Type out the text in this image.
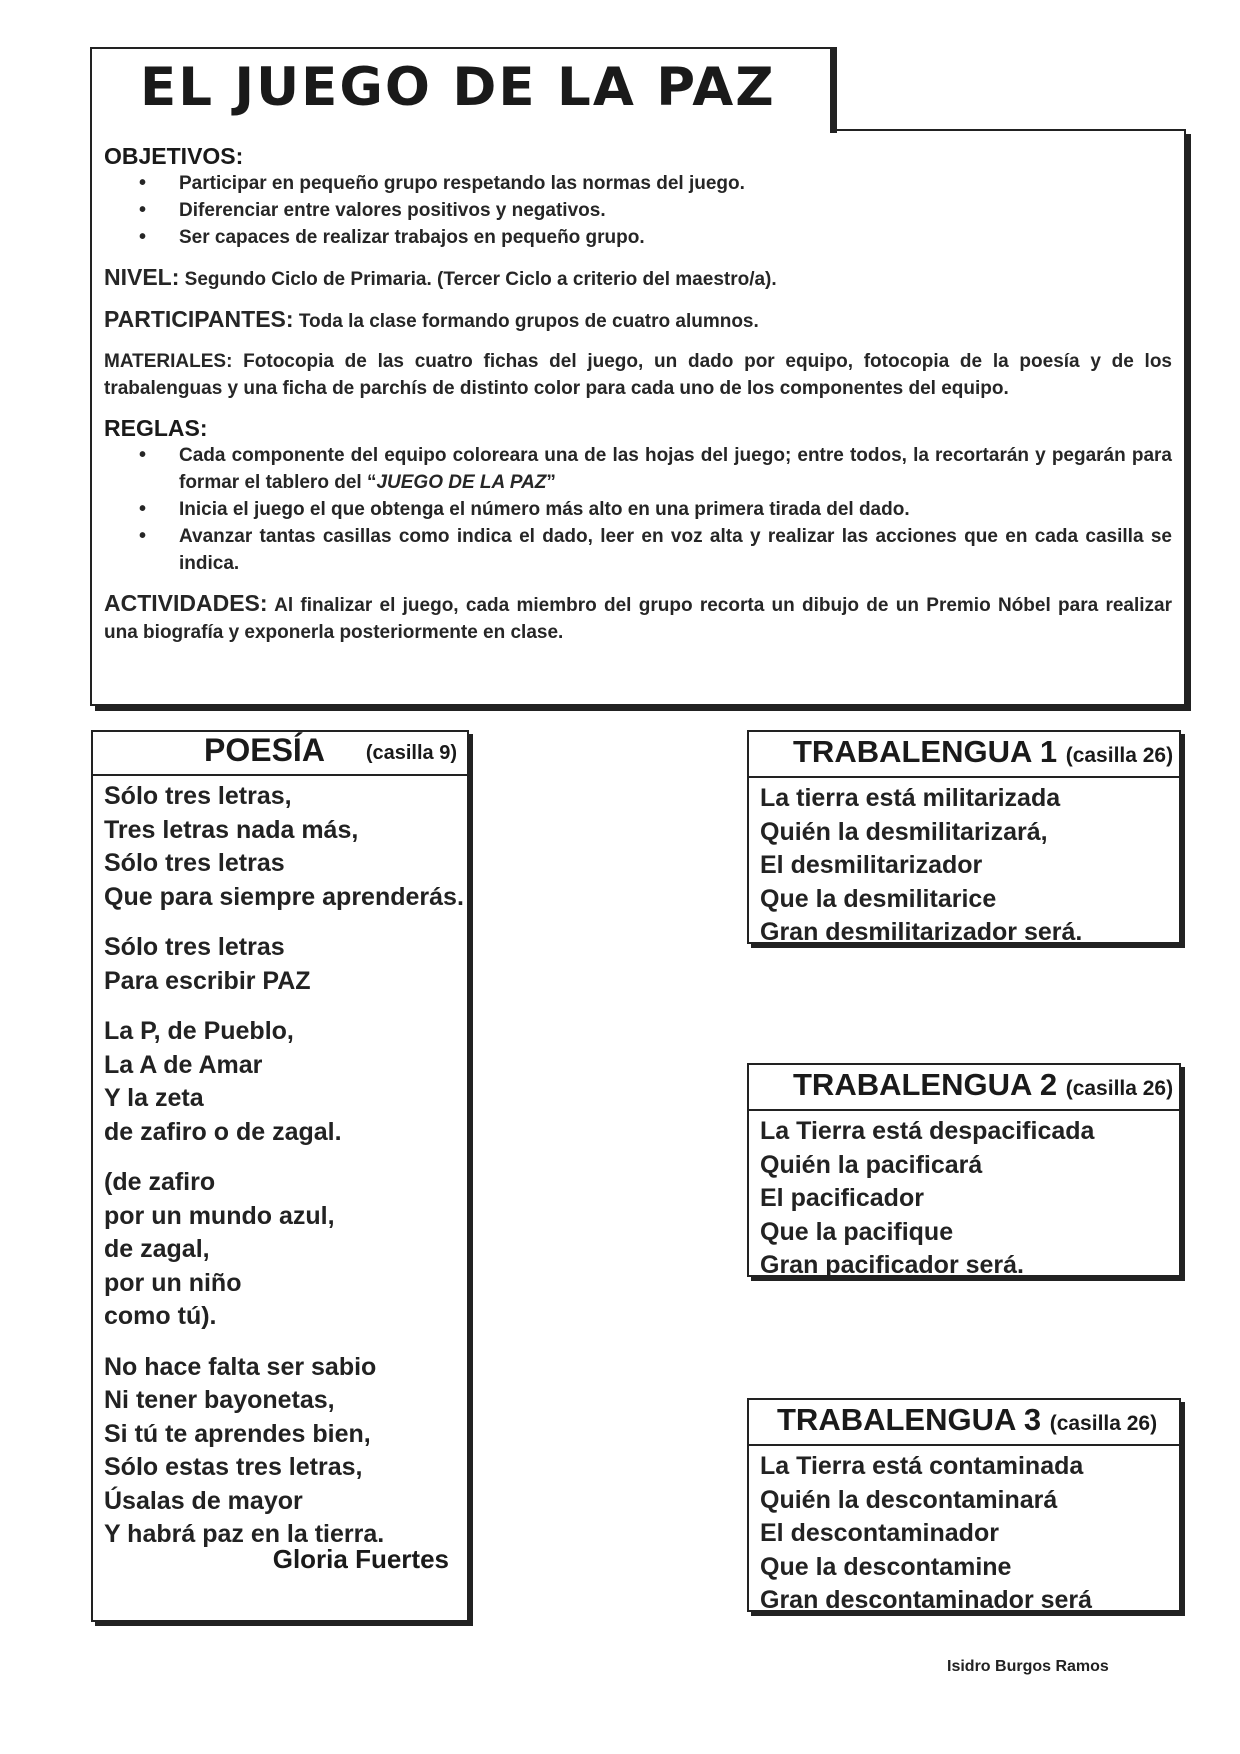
EL JUEGO DE LA PAZ
OBJETIVOS:
• Participar en pequeño grupo respetando las normas del juego.
• Diferenciar entre valores positivos y negativos.
• Ser capaces de realizar trabajos en pequeño grupo.

NIVEL: Segundo Ciclo de Primaria. (Tercer Ciclo a criterio del maestro/a).

PARTICIPANTES: Toda la clase formando grupos de cuatro alumnos.

MATERIALES: Fotocopia de las cuatro fichas del juego, un dado por equipo, fotocopia de la poesía y de los trabalenguas y una ficha de parchís de distinto color para cada uno de los componentes del equipo.

REGLAS:
• Cada componente del equipo coloreara una de las hojas del juego; entre todos, la recortarán y pegarán para formar el tablero del “JUEGO DE LA PAZ”
• Inicia el juego el que obtenga el número más alto en una primera tirada del dado.
• Avanzar tantas casillas como indica el dado, leer en voz alta y realizar las acciones que en cada casilla se indica.

ACTIVIDADES: Al finalizar el juego, cada miembro del grupo recorta un dibujo de un Premio Nóbel para realizar una biografía y exponerla posteriormente en clase.

POESÍA (casilla 9)
Sólo tres letras,
Tres letras nada más,
Sólo tres letras
Que para siempre aprenderás.
Sólo tres letras
Para escribir PAZ
La P, de Pueblo,
La A de Amar
Y la zeta
de zafiro o de zagal.
(de zafiro
por un mundo azul,
de zagal,
por un niño
como tú).
No hace falta ser sabio
Ni tener bayonetas,
Si tú te aprendes bien,
Sólo estas tres letras,
Úsalas de mayor
Y habrá paz en la tierra.
Gloria Fuertes
TRABALENGUA 1 (casilla 26)
La tierra está militarizada
Quién la desmilitarizará,
El desmilitarizador
Que la desmilitarice
Gran desmilitarizador será.
TRABALENGUA 2 (casilla 26)
La Tierra está despacificada
Quién la pacificará
El pacificador
Que la pacifique
Gran pacificador será.
TRABALENGUA 3 (casilla 26)
La Tierra está contaminada
Quién la descontaminará
El descontaminador
Que la descontamine
Gran descontaminador será
Isidro Burgos Ramos
